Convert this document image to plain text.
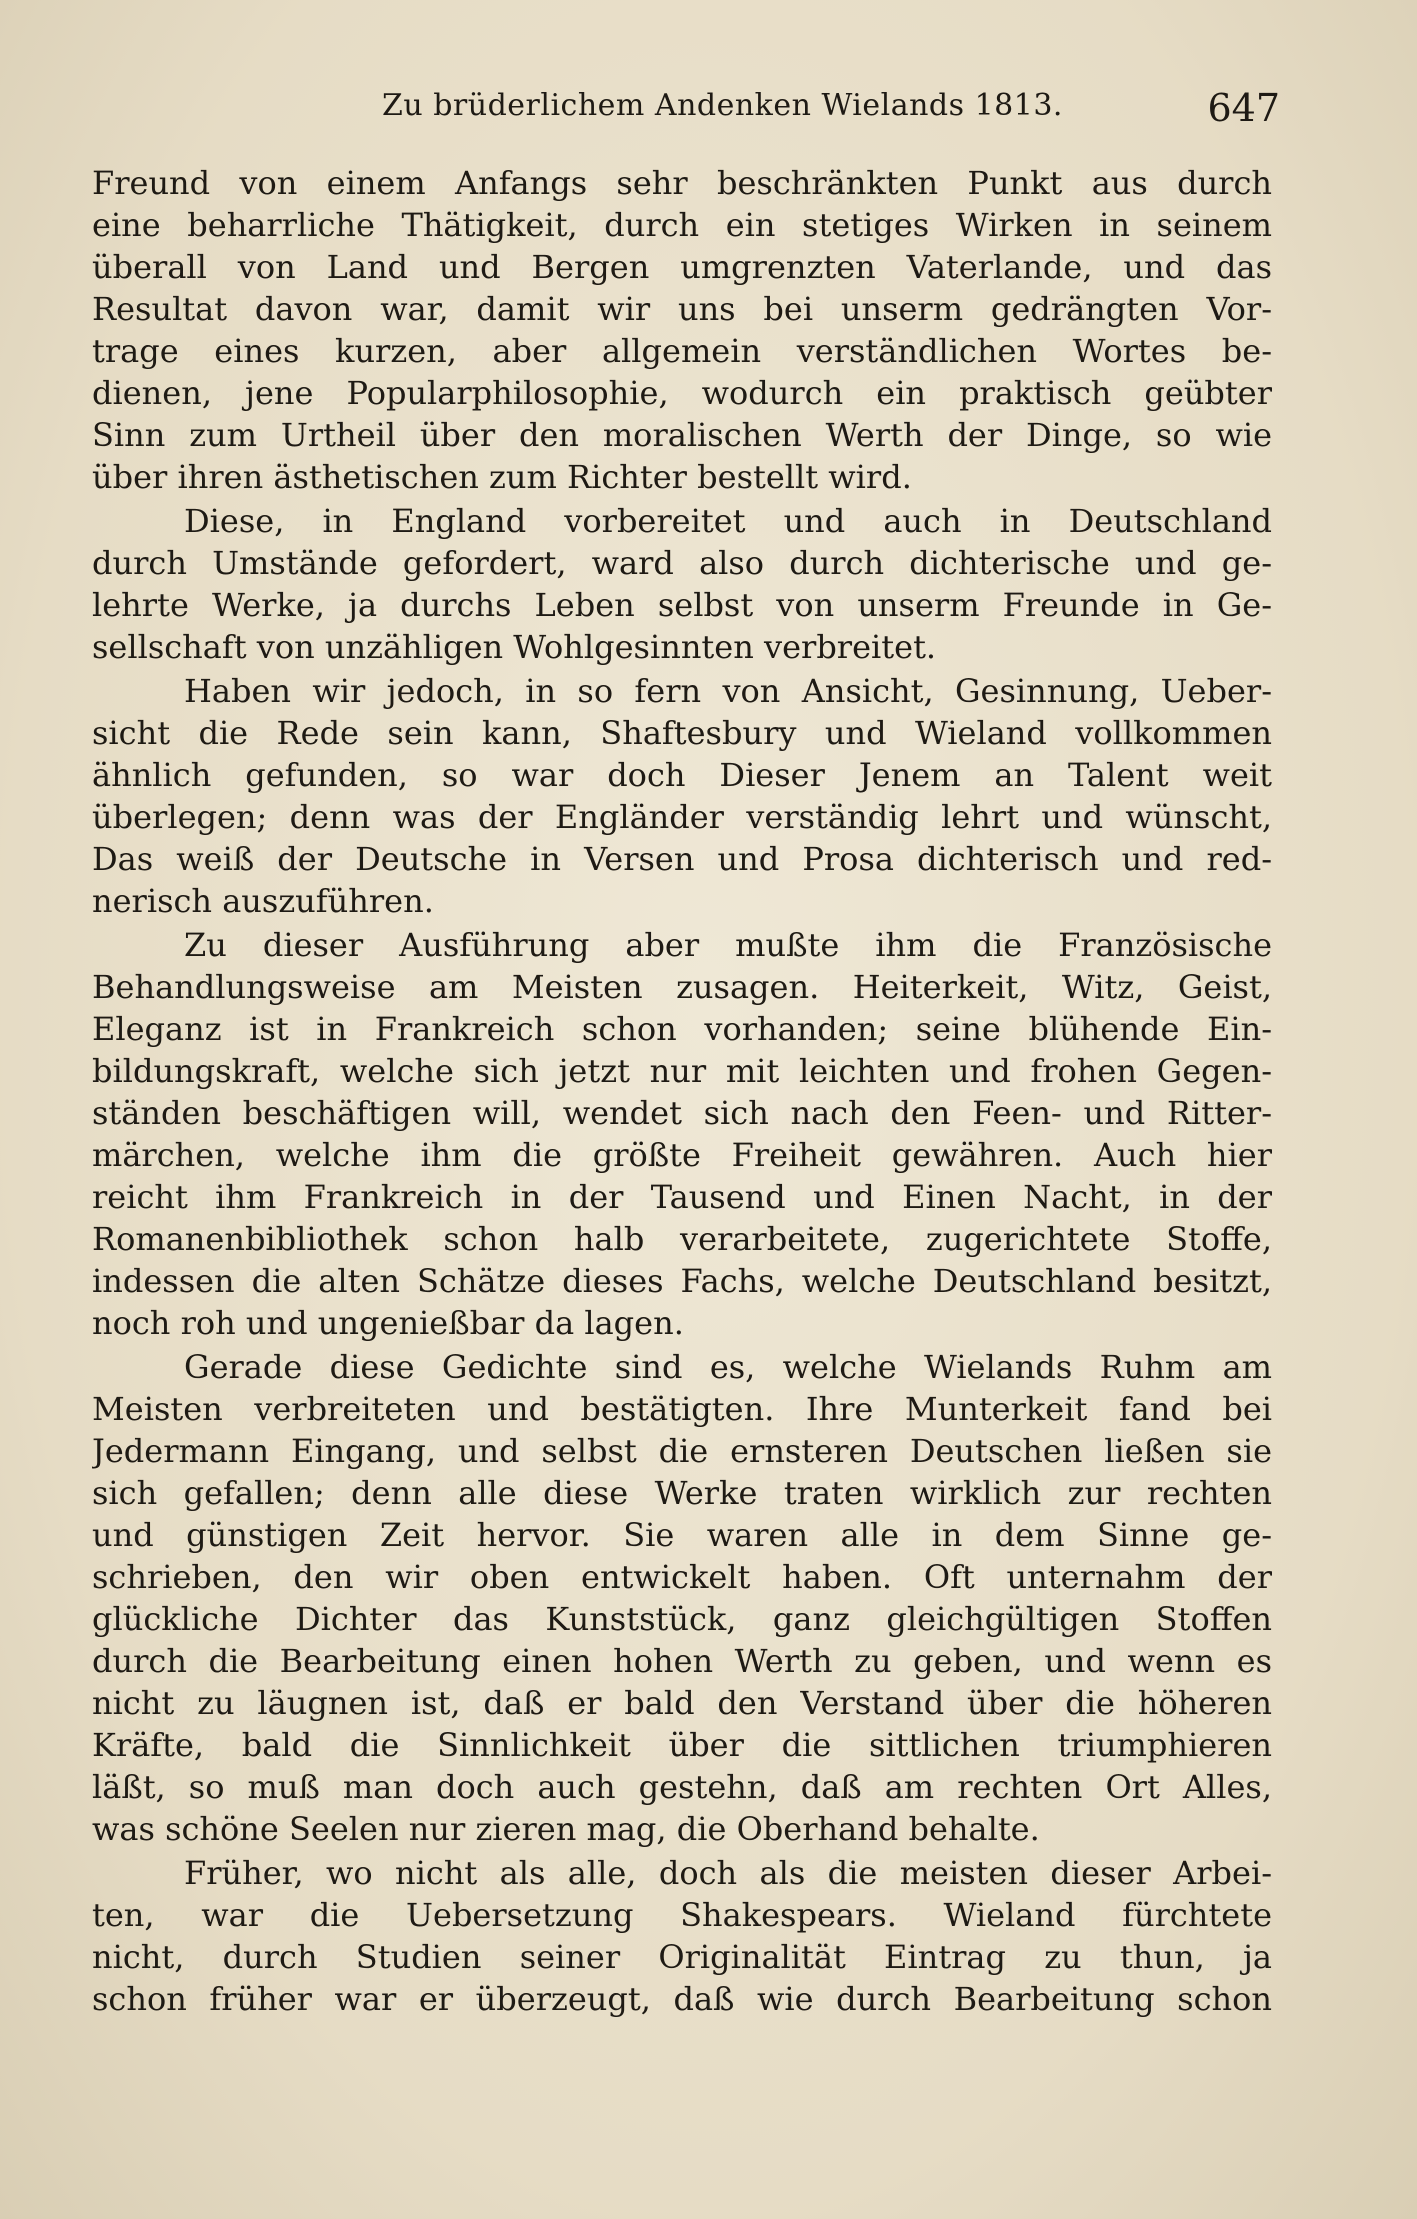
Zu brüderlichem Andenken Wielands 1813.	647
Freund von einem Anfangs sehr beschränkten Punkt aus durch
eine beharrliche Thätigkeit, durch ein stetiges Wirken in seinem
überall von Land und Bergen umgrenzten Vaterlande, und das
Resultat davon war, damit wir uns bei unserm gedrängten Vor-
trage eines kurzen, aber allgemein verständlichen Wortes be-
dienen, jene Popularphilosophie, wodurch ein praktisch geübter
Sinn zum Urtheil über den moralischen Werth der Dinge, so wie
über ihren ästhetischen zum Richter bestellt wird.
Diese, in England vorbereitet und auch in Deutschland
durch Umstände gefordert, ward also durch dichterische und ge-
lehrte Werke, ja durchs Leben selbst von unserm Freunde in Ge-
sellschaft von unzähligen Wohlgesinnten verbreitet.
Haben wir jedoch, in so fern von Ansicht, Gesinnung, Ueber-
sicht die Rede sein kann, Shaftesbury und Wieland vollkommen
ähnlich gefunden, so war doch Dieser Jenem an Talent weit
überlegen; denn was der Engländer verständig lehrt und wünscht,
Das weiß der Deutsche in Versen und Prosa dichterisch und red-
nerisch auszuführen.
Zu dieser Ausführung aber mußte ihm die Französische
Behandlungsweise am Meisten zusagen. Heiterkeit, Witz, Geist,
Eleganz ist in Frankreich schon vorhanden; seine blühende Ein-
bildungskraft, welche sich jetzt nur mit leichten und frohen Gegen-
ständen beschäftigen will, wendet sich nach den Feen- und Ritter-
märchen, welche ihm die größte Freiheit gewähren. Auch hier
reicht ihm Frankreich in der Tausend und Einen Nacht, in der
Romanenbibliothek schon halb verarbeitete, zugerichtete Stoffe,
indessen die alten Schätze dieses Fachs, welche Deutschland besitzt,
noch roh und ungenießbar da lagen.
Gerade diese Gedichte sind es, welche Wielands Ruhm am
Meisten verbreiteten und bestätigten. Ihre Munterkeit fand bei
Jedermann Eingang, und selbst die ernsteren Deutschen ließen sie
sich gefallen; denn alle diese Werke traten wirklich zur rechten
und günstigen Zeit hervor. Sie waren alle in dem Sinne ge-
schrieben, den wir oben entwickelt haben. Oft unternahm der
glückliche Dichter das Kunststück, ganz gleichgültigen Stoffen
durch die Bearbeitung einen hohen Werth zu geben, und wenn es
nicht zu läugnen ist, daß er bald den Verstand über die höheren
Kräfte, bald die Sinnlichkeit über die sittlichen triumphieren
läßt, so muß man doch auch gestehn, daß am rechten Ort Alles,
was schöne Seelen nur zieren mag, die Oberhand behalte.
Früher, wo nicht als alle, doch als die meisten dieser Arbei-
ten, war die Uebersetzung Shakespears. Wieland fürchtete
nicht, durch Studien seiner Originalität Eintrag zu thun, ja
schon früher war er überzeugt, daß wie durch Bearbeitung schon
